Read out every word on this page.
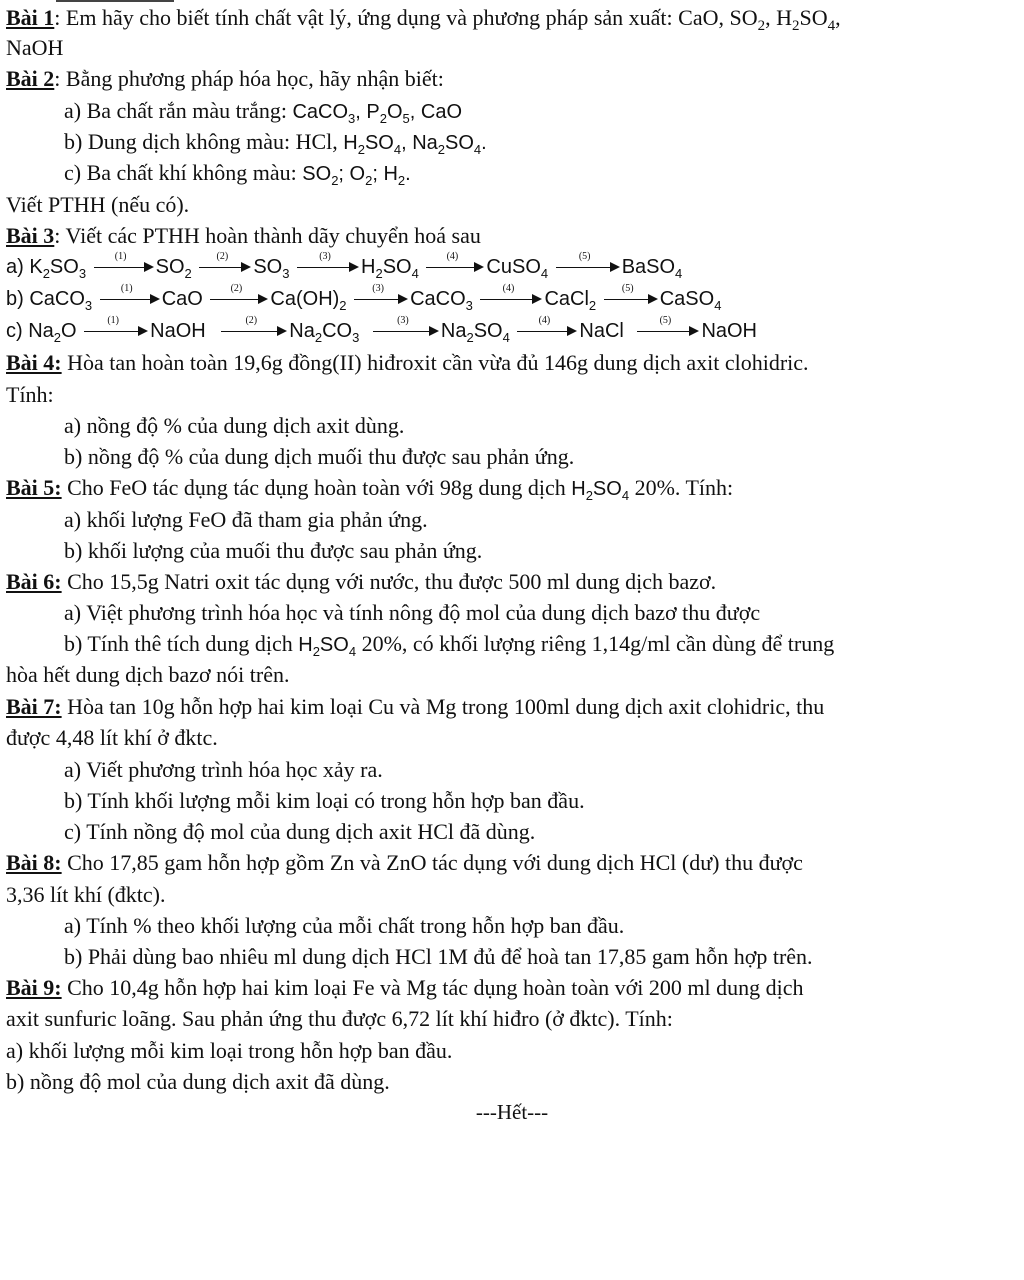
Bài 1: Em hãy cho biết tính chất vật lý, ứng dụng và phương pháp sản xuất: CaO, $SO_2$, $H_2SO_4$,
NaOH
Bài 2: Bằng phương pháp hóa học, hãy nhận biết:
a) Ba chất rắn màu trắng: CaCO$_3$, $P_2O_5$, CaO
b) Dung dịch không màu: HCl, $H_2SO_4$, $Na_2SO_4$.
c) Ba chất khí không màu: $SO_2$; $O_2$; $H_2$.
Viết PTHH (nếu có).
Bài 3: Viết các PTHH hoàn thành dãy chuyển hoá sau
a) $K_2SO_3$
(1)	$SO_2$
(2)	$SO_3$
(3)	$H_2SO_4$
(4)	CuSO$_4$
(5)	BaSO$_4$
b) CaCO$_3$
(1)	CaO	(2)	$Ca(OH)_2$
(3)	CaCO$_3$
(4)	CaCl$_2$
(5)	CaSO$_4$
c) $Na_2O$	(1)	NaOH	(2)	$Na_2CO_3$
(3)	$Na_2SO_4$
(4)	NaCl	(5)	NaOH
Bài 4: Hòa tan hoàn toàn 19,6g đồng(II) hiđroxit cần vừa đủ 146g dung dịch axit clohidric.
Tính:
a) nồng độ % của dung dịch axit dùng.
b) nồng độ % của dung dịch muối thu được sau phản ứng.
Bài 5: Cho FeO tác dụng tác dụng hoàn toàn với 98g dung dịch $H_2SO_4$ 20%. Tính:
a) khối lượng FeO đã tham gia phản ứng.
b) khối lượng của muối thu được sau phản ứng.
Bài 6: Cho 15,5g Natri oxit tác dụng với nước, thu được 500 ml dung dịch bazơ.
a) Việt phương trình hóa học và tính nông độ mol của dung dịch bazơ thu được
b) Tính thê tích dung dịch $H_2SO_4$ 20%, có khối lượng riêng 1,14g/ml cần dùng để trung
hòa hết dung dịch bazơ nói trên.
Bài 7: Hòa tan 10g hỗn hợp hai kim loại Cu và Mg trong 100ml dung dịch axit clohidric, thu
được 4,48 lít khí ở đktc.
a) Viết phương trình hóa học xảy ra.
b) Tính khối lượng mỗi kim loại có trong hỗn hợp ban đầu.
c) Tính nồng độ mol của dung dịch axit HCl đã dùng.
Bài 8: Cho 17,85 gam hỗn hợp gồm Zn và ZnO tác dụng với dung dịch HCl (dư) thu được
3,36 lít khí (đktc).
a) Tính % theo khối lượng của mỗi chất trong hỗn hợp ban đầu.
b) Phải dùng bao nhiêu ml dung dịch HCl 1M đủ để hoà tan 17,85 gam hỗn hợp trên.
Bài 9: Cho 10,4g hỗn hợp hai kim loại Fe và Mg tác dụng hoàn toàn với 200 ml dung dịch
axit sunfuric loãng. Sau phản ứng thu được 6,72 lít khí hiđro (ở đktc). Tính:
a) khối lượng mỗi kim loại trong hỗn hợp ban đầu.
b) nồng độ mol của dung dịch axit đã dùng.
---Hết---
